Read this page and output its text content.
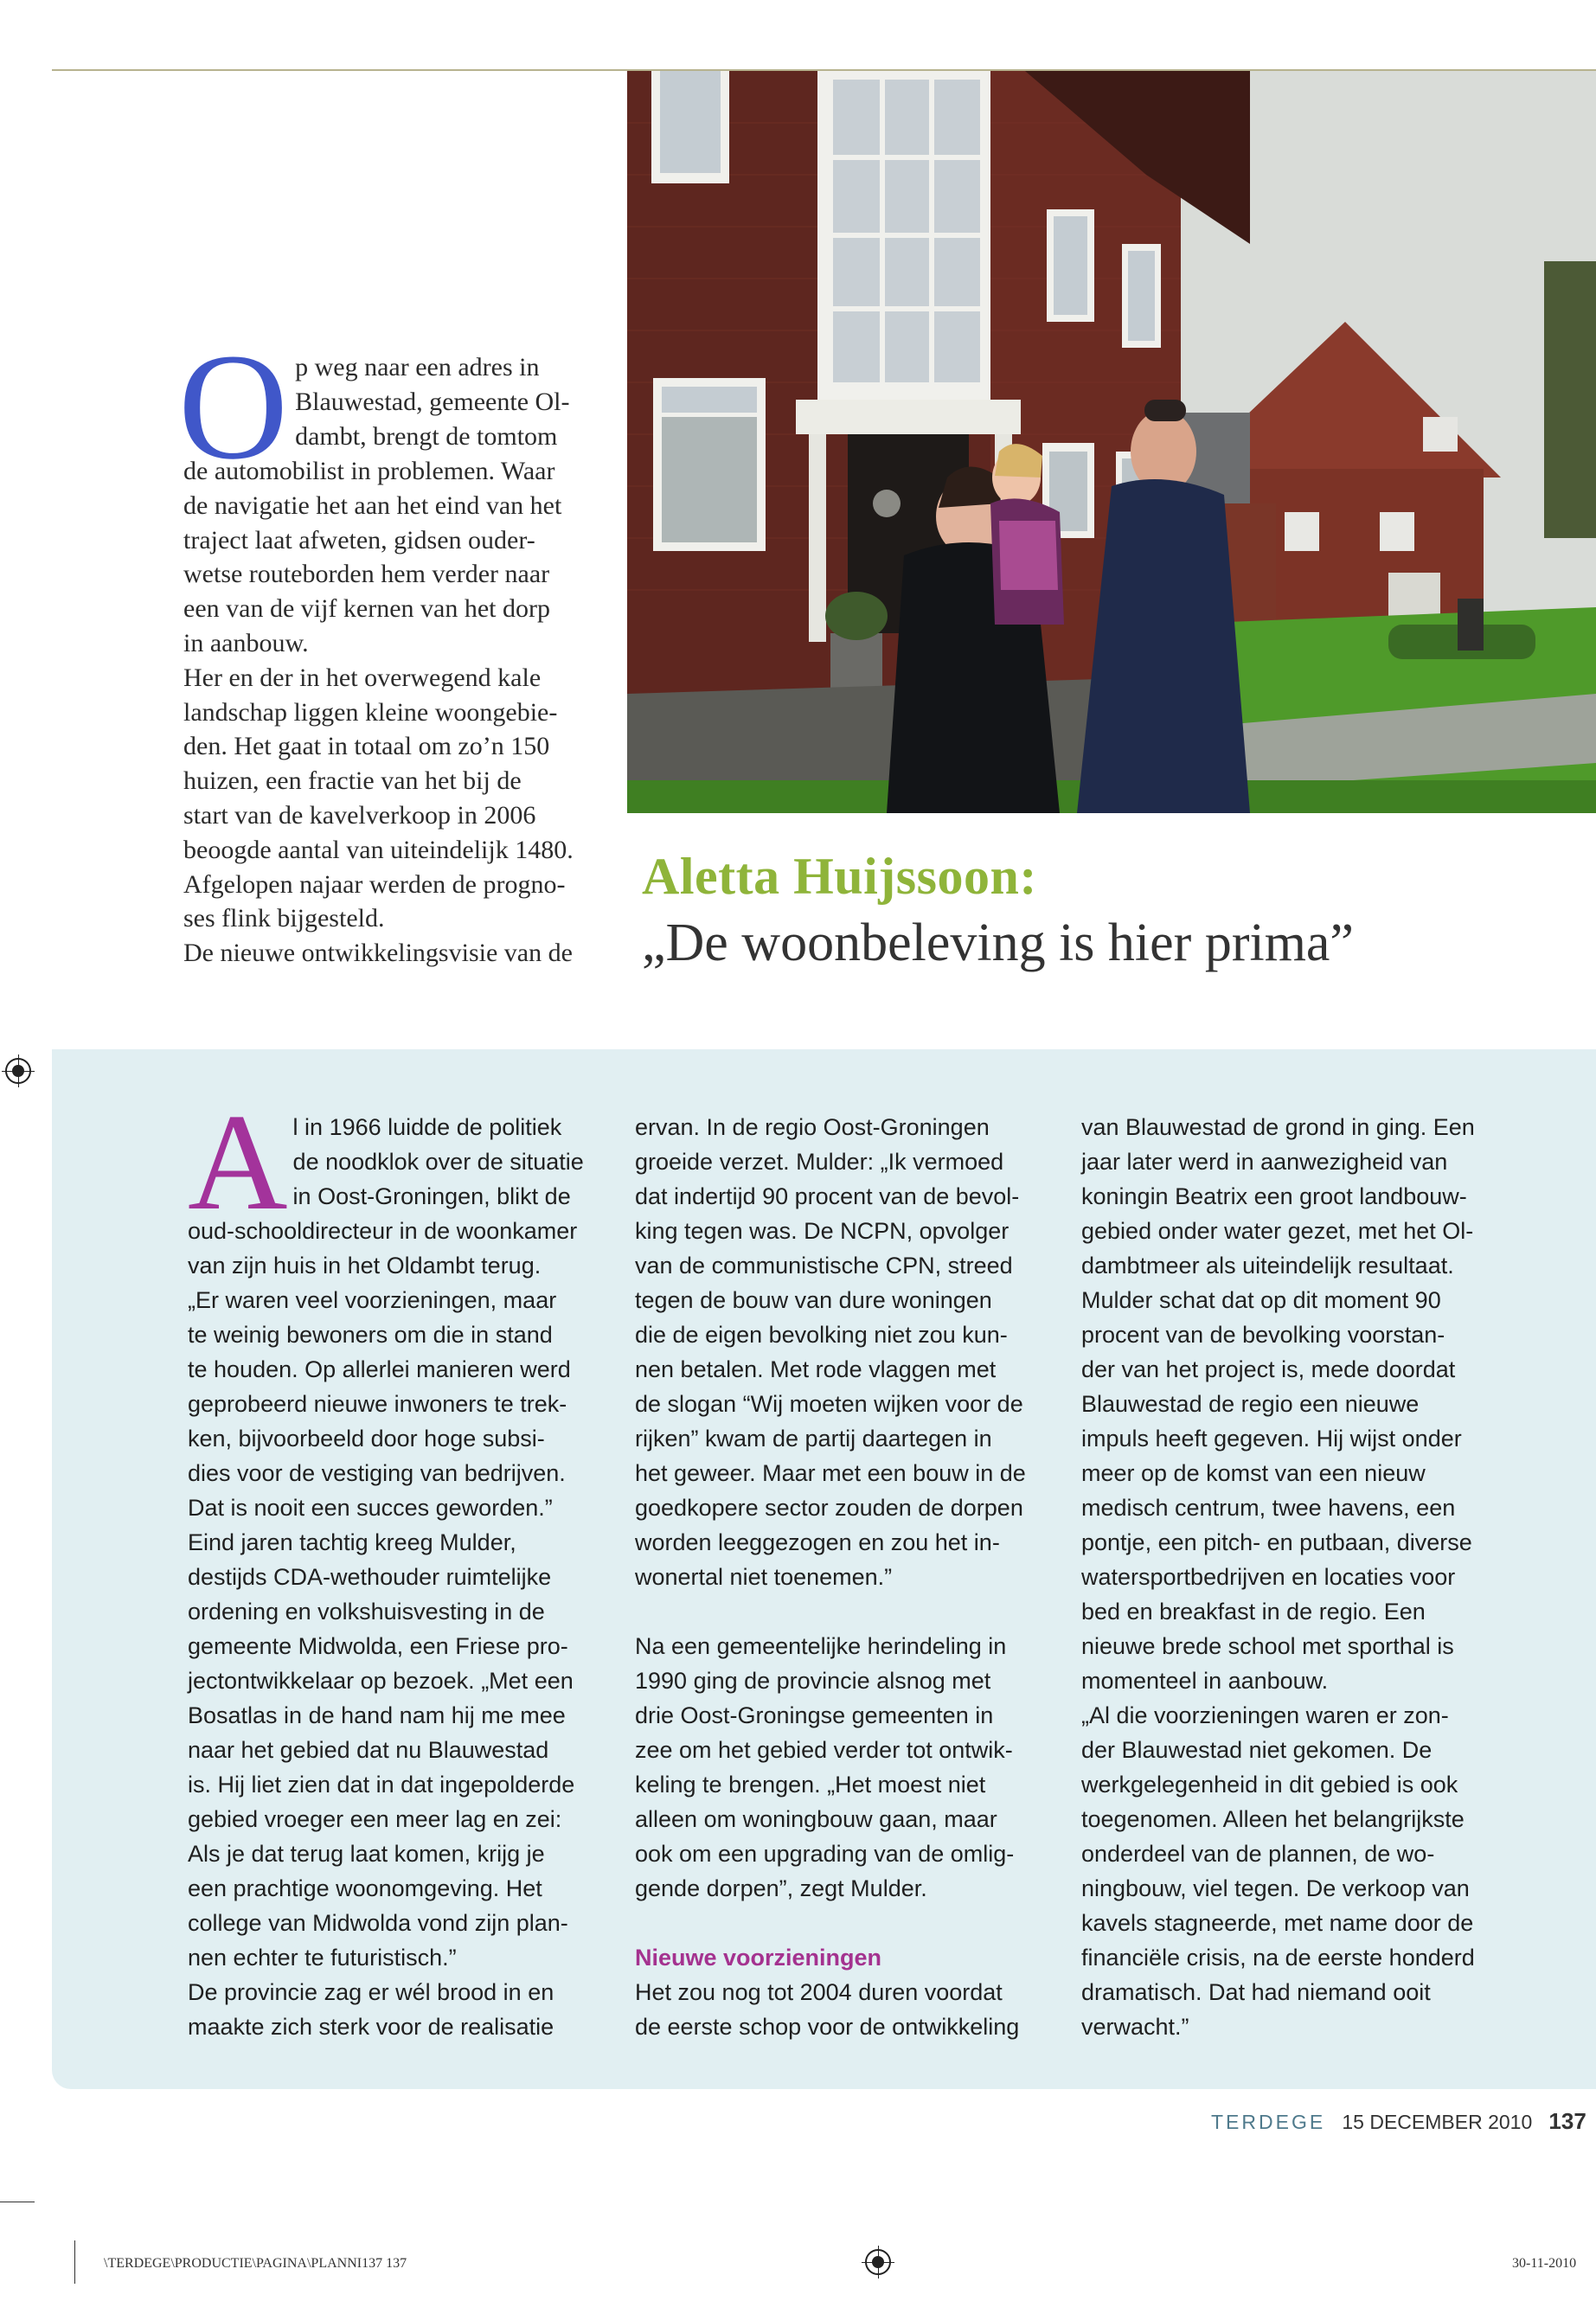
O p weg naar een adres in
Blauwestad, gemeente Ol-
dambt, brengt de tomtom
de automobilist in problemen. Waar
de navigatie het aan het eind van het
traject laat afweten, gidsen ouder-
wetse routeborden hem verder naar
een van de vijf kernen van het dorp
in aanbouw.
Her en der in het overwegend kale
landschap liggen kleine woongebie-
den. Het gaat in totaal om zo’n 150
huizen, een fractie van het bij de
start van de kavelverkoop in 2006
beoogde aantal van uiteindelijk 1480.
Afgelopen najaar werden de progno-
ses flink bijgesteld.
De nieuwe ontwikkelingsvisie van de
Aletta Huijssoon:
„De woonbeleving is hier prima”
A l in 1966 luidde de politiek
de noodklok over de situatie
in Oost-Groningen, blikt de
oud-schooldirecteur in de woonkamer
van zijn huis in het Oldambt terug.
„Er waren veel voorzieningen, maar
te weinig bewoners om die in stand
te houden. Op allerlei manieren werd
geprobeerd nieuwe inwoners te trek-
ken, bijvoorbeeld door hoge subsi-
dies voor de vestiging van bedrijven.
Dat is nooit een succes geworden.”
Eind jaren tachtig kreeg Mulder,
destijds CDA-wethouder ruimtelijke
ordening en volkshuisvesting in de
gemeente Midwolda, een Friese pro-
jectontwikkelaar op bezoek. „Met een
Bosatlas in de hand nam hij me mee
naar het gebied dat nu Blauwestad
is. Hij liet zien dat in dat ingepolderde
gebied vroeger een meer lag en zei:
Als je dat terug laat komen, krijg je
een prachtige woonomgeving. Het
college van Midwolda vond zijn plan-
nen echter te futuristisch.”
De provincie zag er wél brood in en
maakte zich sterk voor de realisatie
ervan. In de regio Oost-Groningen
groeide verzet. Mulder: „Ik vermoed
dat indertijd 90 procent van de bevol-
king tegen was. De NCPN, opvolger
van de communistische CPN, streed
tegen de bouw van dure woningen
die de eigen bevolking niet zou kun-
nen betalen. Met rode vlaggen met
de slogan “Wij moeten wijken voor de
rijken” kwam de partij daartegen in
het geweer. Maar met een bouw in de
goedkopere sector zouden de dorpen
worden leeggezogen en zou het in-
wonertal niet toenemen.”
Na een gemeentelijke herindeling in
1990 ging de provincie alsnog met
drie Oost-Groningse gemeenten in
zee om het gebied verder tot ontwik-
keling te brengen. „Het moest niet
alleen om woningbouw gaan, maar
ook om een upgrading van de omlig-
gende dorpen”, zegt Mulder.
Nieuwe voorzieningen
Het zou nog tot 2004 duren voordat
de eerste schop voor de ontwikkeling
van Blauwestad de grond in ging. Een
jaar later werd in aanwezigheid van
koningin Beatrix een groot landbouw-
gebied onder water gezet, met het Ol-
dambtmeer als uiteindelijk resultaat.
Mulder schat dat op dit moment 90
procent van de bevolking voorstan-
der van het project is, mede doordat
Blauwestad de regio een nieuwe
impuls heeft gegeven. Hij wijst onder
meer op de komst van een nieuw
medisch centrum, twee havens, een
pontje, een pitch- en putbaan, diverse
watersportbedrijven en locaties voor
bed en breakfast in de regio. Een
nieuwe brede school met sporthal is
momenteel in aanbouw.
„Al die voorzieningen waren er zon-
der Blauwestad niet gekomen. De
werkgelegenheid in dit gebied is ook
toegenomen. Alleen het belangrijkste
onderdeel van de plannen, de wo-
ningbouw, viel tegen. De verkoop van
kavels stagneerde, met name door de
financiële crisis, na de eerste honderd
dramatisch. Dat had niemand ooit
verwacht.”
TERDEGE 15 DECEMBER 2010 137
\TERDEGE\PRODUCTIE\PAGINA\PLANNI137 137	30-11-2010
